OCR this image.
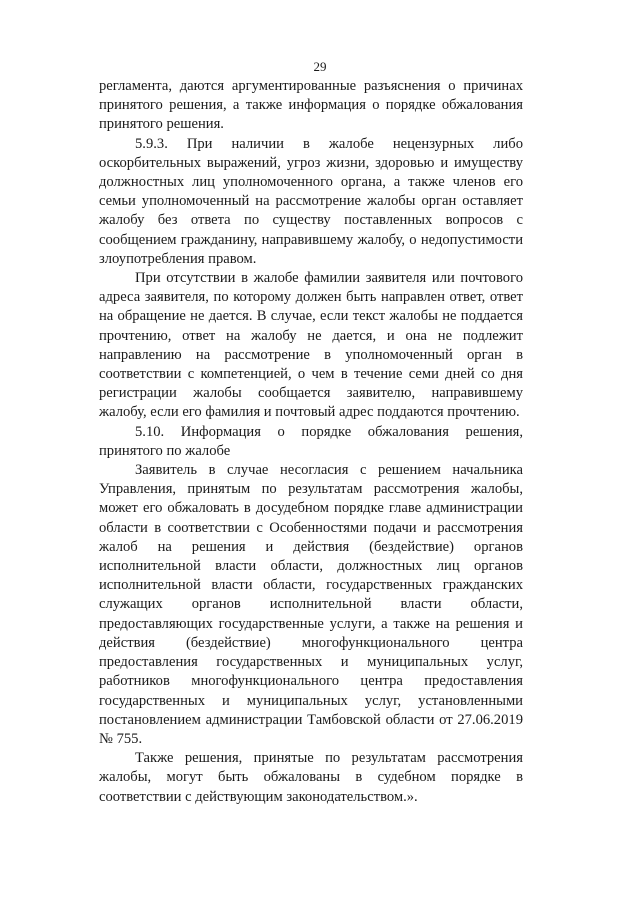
29

регламента, даются аргументированные разъяснения о причинах принятого решения, а также информация о порядке обжалования принятого решения.

5.9.3. При наличии в жалобе нецензурных либо оскорбительных выражений, угроз жизни, здоровью и имуществу должностных лиц уполномоченного органа, а также членов его семьи уполномоченный на рассмотрение жалобы орган оставляет жалобу без ответа по существу поставленных вопросов с сообщением гражданину, направившему жалобу, о недопустимости злоупотребления правом.

При отсутствии в жалобе фамилии заявителя или почтового адреса заявителя, по которому должен быть направлен ответ, ответ на обращение не дается. В случае, если текст жалобы не поддается прочтению, ответ на жалобу не дается, и она не подлежит направлению на рассмотрение в уполномоченный орган в соответствии с компетенцией, о чем в течение семи дней со дня регистрации жалобы сообщается заявителю, направившему жалобу, если его фамилия и почтовый адрес поддаются прочтению.

5.10. Информация о порядке обжалования решения, принятого по жалобе

Заявитель в случае несогласия с решением начальника Управления, принятым по результатам рассмотрения жалобы, может его обжаловать в досудебном порядке главе администрации области в соответствии с Особенностями подачи и рассмотрения жалоб на решения и действия (бездействие) органов исполнительной власти области, должностных лиц органов исполнительной власти области, государственных гражданских служащих органов исполнительной власти области, предоставляющих государственные услуги, а также на решения и действия (бездействие) многофункционального центра предоставления государственных и муниципальных услуг, работников многофункционального центра предоставления государственных и муниципальных услуг, установленными постановлением администрации Тамбовской области от 27.06.2019 № 755.

Также решения, принятые по результатам рассмотрения жалобы, могут быть обжалованы в судебном порядке в соответствии с действующим законодательством.».
